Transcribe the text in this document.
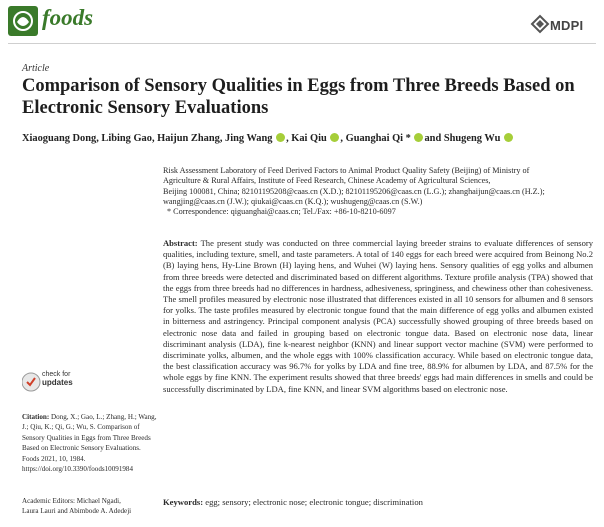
foods	MDPI
Article
Comparison of Sensory Qualities in Eggs from Three Breeds Based on Electronic Sensory Evaluations
Xiaoguang Dong, Libing Gao, Haijun Zhang, Jing Wang , Kai Qiu , Guanghai Qi * and Shugeng Wu
Risk Assessment Laboratory of Feed Derived Factors to Animal Product Quality Safety (Beijing) of Ministry of
Agriculture & Rural Affairs, Institute of Feed Research, Chinese Academy of Agricultural Sciences,
Beijing 100081, China; 82101195208@caas.cn (X.D.); 82101195206@caas.cn (L.G.); zhanghaijun@caas.cn (H.Z.);
wangjing@caas.cn (J.W.); qiukai@caas.cn (K.Q.); wushugeng@caas.cn (S.W.)
* Correspondence: qiguanghai@caas.cn; Tel./Fax: +86-10-8210-6097
Abstract: The present study was conducted on three commercial laying breeder strains to evaluate differences of sensory qualities, including texture, smell, and taste parameters. A total of 140 eggs for each breed were acquired from Beinong No.2 (B) laying hens, Hy-Line Brown (H) laying hens, and Wuhei (W) laying hens. Sensory qualities of egg yolks and albumen from three breeds were detected and discriminated based on different algorithms. Texture profile analysis (TPA) showed that the eggs from three breeds had no differences in hardness, adhesiveness, springiness, and chewiness other than cohesiveness. The smell profiles measured by electronic nose illustrated that differences existed in all 10 sensors for albumen and 8 sensors for yolks. The taste profiles measured by electronic tongue found that the main difference of egg yolks and albumen existed in bitterness and astringency. Principal component analysis (PCA) successfully showed grouping of three breeds based on electronic nose data and failed in grouping based on electronic tongue data. Based on electronic nose data, linear discriminant analysis (LDA), fine k-nearest neighbor (KNN) and linear support vector machine (SVM) were performed to discriminate yolks, albumen, and the whole eggs with 100% classification accuracy. While based on electronic tongue data, the best classification accuracy was 96.7% for yolks by LDA and fine tree, 88.9% for albumen by LDA, and 87.5% for the whole eggs by fine KNN. The experiment results showed that three breeds' eggs had main differences in smells and could be successfully discriminated by LDA, fine KNN, and linear SVM algorithms based on electronic nose.
Keywords: egg; sensory; electronic nose; electronic tongue; discrimination
check for
updates
Citation: Dong, X.; Gao, L.; Zhang, H.; Wang, J.; Qiu, K.; Qi, G.; Wu, S. Comparison of Sensory Qualities in Eggs from Three Breeds Based on Electronic Sensory Evaluations. Foods 2021, 10, 1984. https://doi.org/10.3390/foods10091984
Academic Editors: Michael Ngadi,
Laura Lauri and Abimbode A. Adedeji
